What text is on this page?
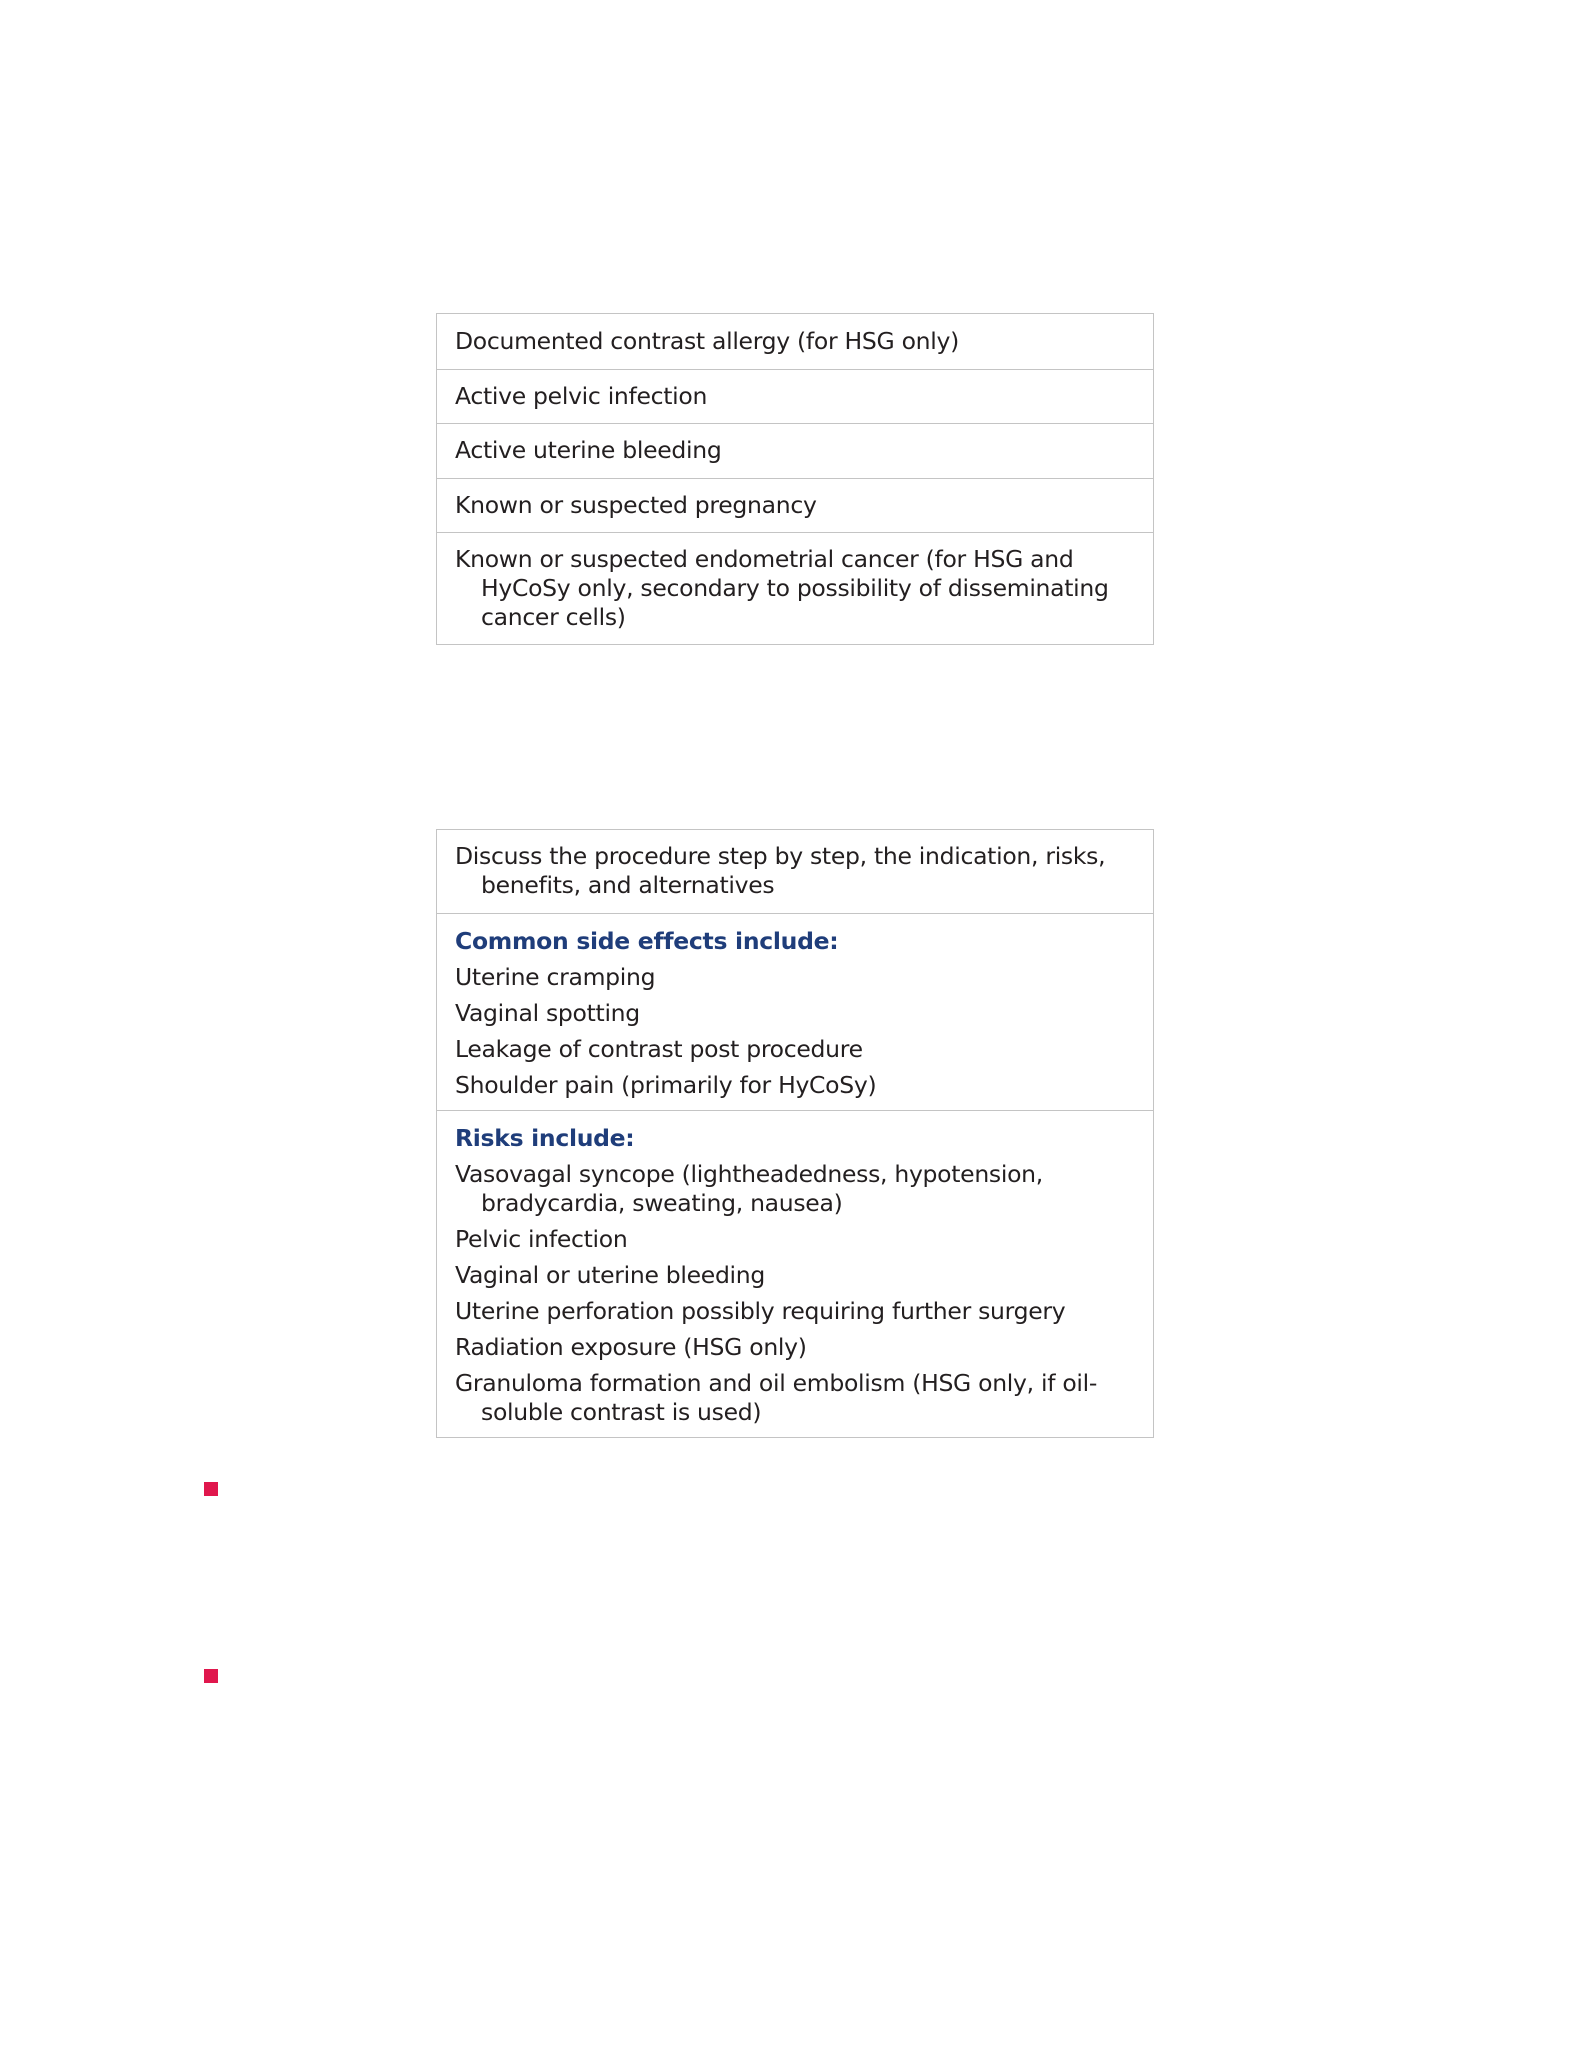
Documented contrast allergy (for HSG only)
Active pelvic infection
Active uterine bleeding
Known or suspected pregnancy
Known or suspected endometrial cancer (for HSG and HyCoSy only, secondary to possibility of disseminating cancer cells)
Discuss the procedure step by step, the indication, risks, benefits, and alternatives
Common side effects include:
Uterine cramping
Vaginal spotting
Leakage of contrast post procedure
Shoulder pain (primarily for HyCoSy)
Risks include:
Vasovagal syncope (lightheadedness, hypotension, bradycardia, sweating, nausea)
Pelvic infection
Vaginal or uterine bleeding
Uterine perforation possibly requiring further surgery
Radiation exposure (HSG only)
Granuloma formation and oil embolism (HSG only, if oil-soluble contrast is used)
